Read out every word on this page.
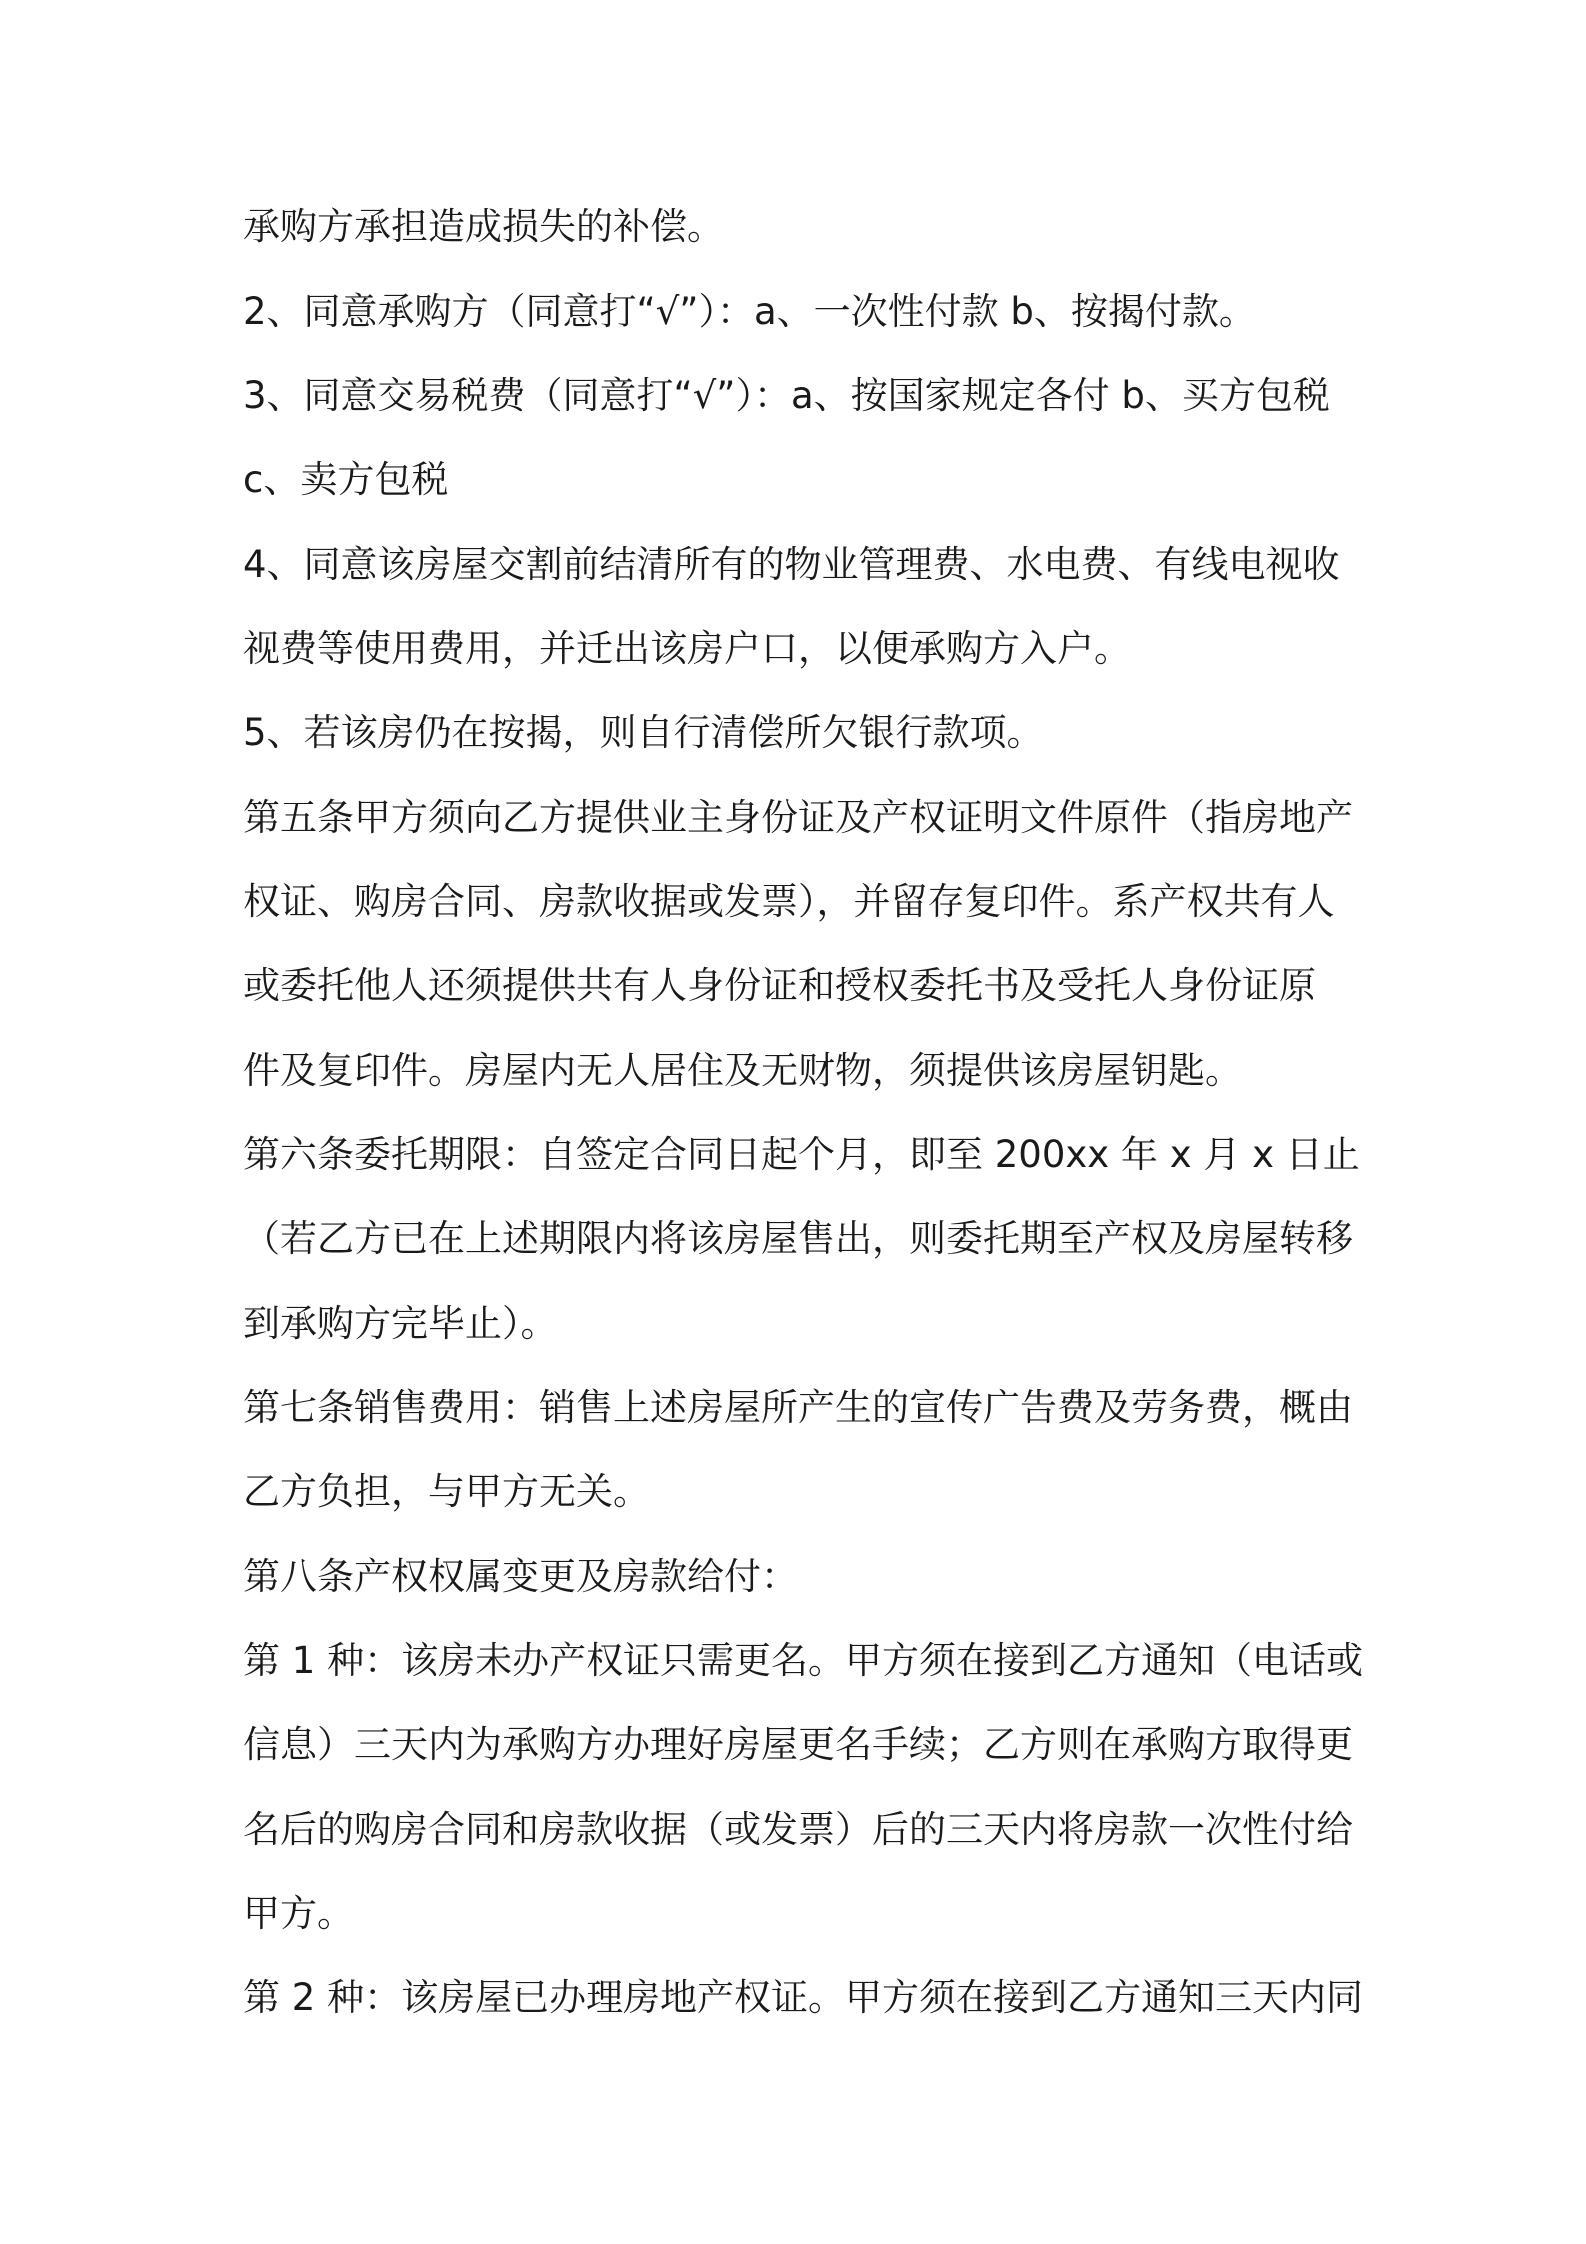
承购方承担造成损失的补偿。
2、同意承购方（同意打“√”）：a、一次性付款 b、按揭付款。
3、同意交易税费（同意打“√”）：a、按国家规定各付 b、买方包税
c、卖方包税
4、同意该房屋交割前结清所有的物业管理费、水电费、有线电视收
视费等使用费用，并迁出该房户口，以便承购方入户。
5、若该房仍在按揭，则自行清偿所欠银行款项。
第五条甲方须向乙方提供业主身份证及产权证明文件原件（指房地产
权证、购房合同、房款收据或发票），并留存复印件。系产权共有人
或委托他人还须提供共有人身份证和授权委托书及受托人身份证原
件及复印件。房屋内无人居住及无财物，须提供该房屋钥匙。
第六条委托期限：自签定合同日起个月，即至 200xx 年 x 月 x 日止
（若乙方已在上述期限内将该房屋售出，则委托期至产权及房屋转移
到承购方完毕止）。
第七条销售费用：销售上述房屋所产生的宣传广告费及劳务费，概由
乙方负担，与甲方无关。
第八条产权权属变更及房款给付：
第 1 种：该房未办产权证只需更名。甲方须在接到乙方通知（电话或
信息）三天内为承购方办理好房屋更名手续；乙方则在承购方取得更
名后的购房合同和房款收据（或发票）后的三天内将房款一次性付给
甲方。
第 2 种：该房屋已办理房地产权证。甲方须在接到乙方通知三天内同
